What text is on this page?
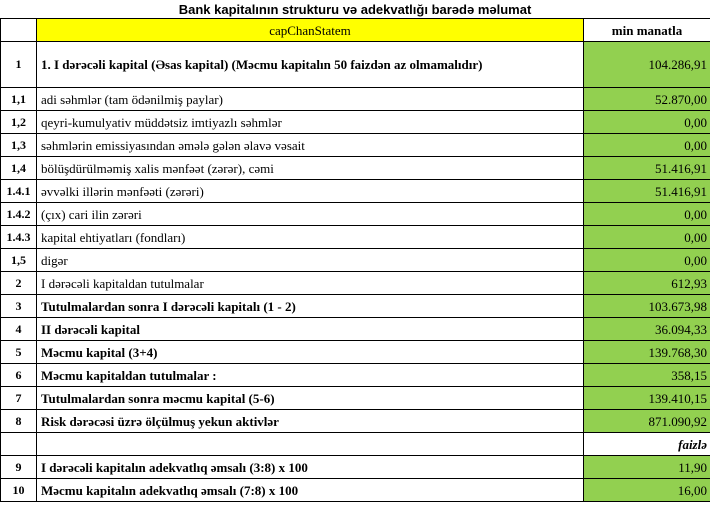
Bank kapitalının strukturu və adekvatlığı barədə məlumat
	capChanStatem	min manatla
1	1. I dərəcəli kapital (Əsas kapital) (Məcmu kapitalın 50 faizdən az olmamalıdır)	104.286,91
1,1	adi səhmlər (tam ödənilmiş paylar)	52.870,00
1,2	qeyri-kumulyativ müddətsiz imtiyazlı səhmlər	0,00
1,3	səhmlərin emissiyasından əmələ gələn əlavə vəsait	0,00
1,4	bölüşdürülməmiş xalis mənfəət (zərər), cəmi	51.416,91
1.4.1	əvvəlki illərin mənfəəti (zərəri)	51.416,91
1.4.2	(çıx) cari ilin zərəri	0,00
1.4.3	kapital ehtiyatları (fondları)	0,00
1,5	digər	0,00
2	I dərəcəli kapitaldan tutulmalar	612,93
3	Tutulmalardan sonra I dərəcəli kapitalı (1 - 2)	103.673,98
4	II dərəcəli kapital	36.094,33
5	Məcmu kapital (3+4)	139.768,30
6	Məcmu kapitaldan tutulmalar :	358,15
7	Tutulmalardan sonra məcmu kapital (5-6)	139.410,15
8	Risk dərəcəsi üzrə ölçülmuş yekun aktivlər	871.090,92
		faizlə
9	I dərəcəli kapitalın adekvatlıq əmsalı (3:8) x 100	11,90
10	Məcmu kapitalın adekvatlıq əmsalı (7:8) x 100	16,00
